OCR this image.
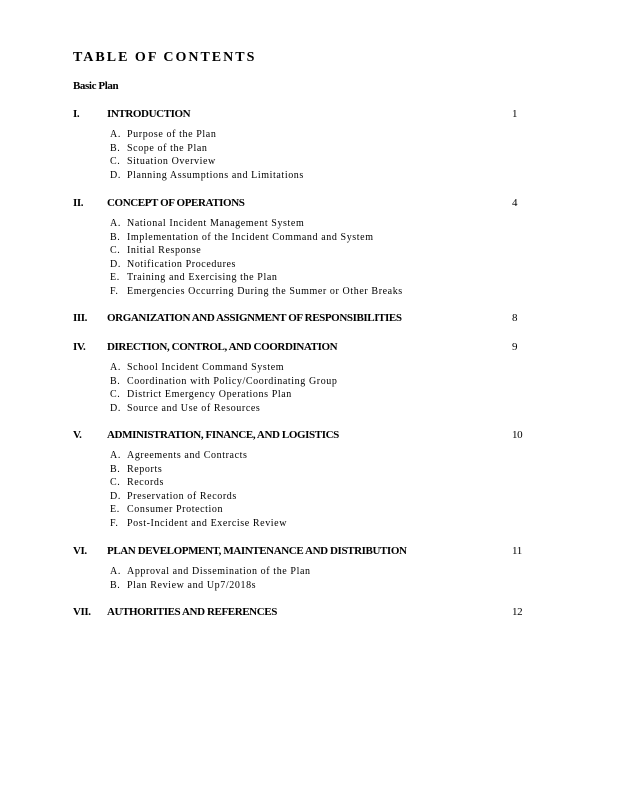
TABLE OF CONTENTS
Basic Plan
I.	INTRODUCTION	1
A. Purpose of the Plan
B. Scope of the Plan
C. Situation Overview
D. Planning Assumptions and Limitations
II. CONCEPT OF OPERATIONS	4
A. National Incident Management System
B. Implementation of the Incident Command and System
C. Initial Response
D. Notification Procedures
E. Training and Exercising the Plan
F. Emergencies Occurring During the Summer or Other Breaks
III. ORGANIZATION AND ASSIGNMENT OF RESPONSIBILITIES	8
IV. DIRECTION, CONTROL, AND COORDINATION	9
A. School Incident Command System
B. Coordination with Policy/Coordinating Group
C. District Emergency Operations Plan
D. Source and Use of Resources
V. ADMINISTRATION, FINANCE, AND LOGISTICS	10
A. Agreements and Contracts
B. Reports
C. Records
D. Preservation of Records
E. Consumer Protection
F. Post-Incident and Exercise Review
VI. PLAN DEVELOPMENT, MAINTENANCE AND DISTRIBUTION	11
A. Approval and Dissemination of the Plan
B. Plan Review and Up7/2018s
VII. AUTHORITIES AND REFERENCES	12
